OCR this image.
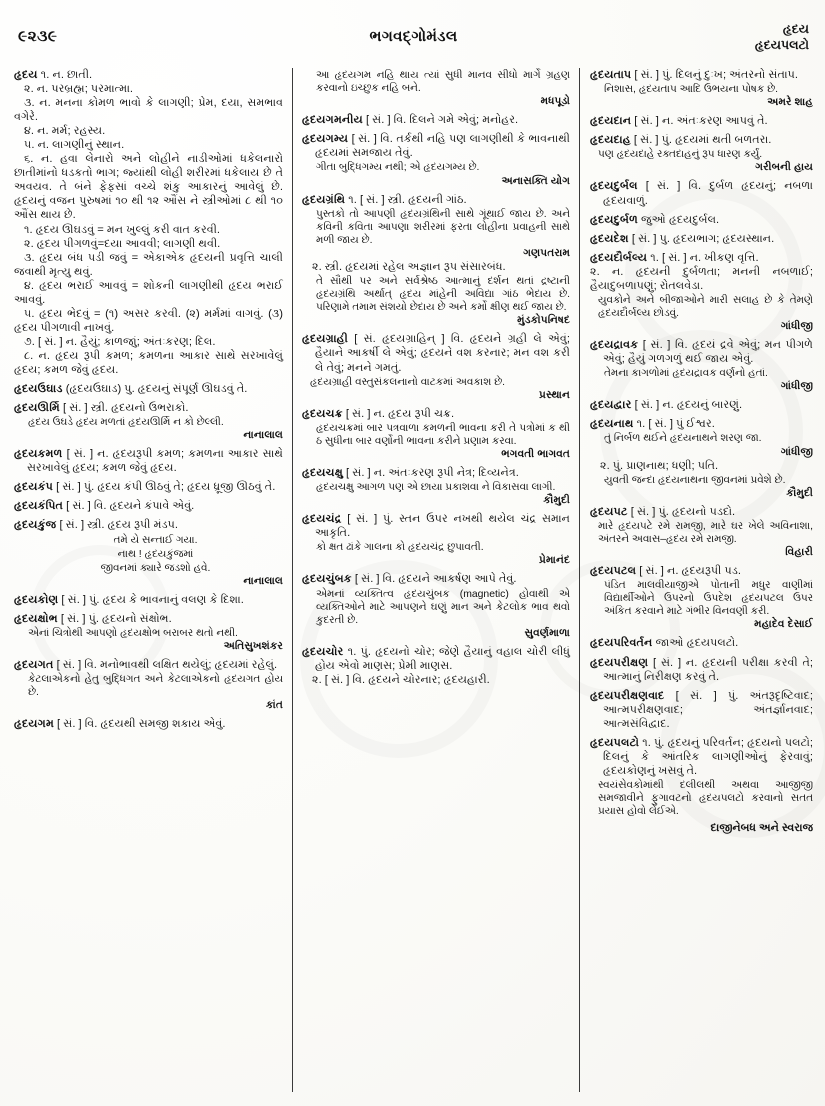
૯૨૩૯	ભગવદ્ગોમંડલ	હૃદય
હૃદયપલટો

હૃદય ૧. ન. છાતી.

૨. ન. પરબ્રહ્મ; પરમાત્મા.

૩. ન. મનના કોમળ ભાવો કે લાગણી; પ્રેમ, દયા, સમભાવ વગેરે.

૪. ન. મર્મ; રહસ્ય.

૫. ન. લાગણીનું સ્થાન.

૬. ન. હવા લેનારો અને લોહીને નાડીઓમાં ધકેલનારો છાતીમાંનો ધડકતો ભાગ; જ્યાંથી લોહી શરીરમાં ધકેલાય છે તે અવયવ. તે બંને ફેફસાં વચ્ચે શંકુ આકારનું આવેલું છે. હૃદયનું વજન પુરુષમાં ૧૦ થી ૧૨ ઔંસ ને સ્ત્રીઓમાં ૮ થી ૧૦ ઔંસ થાય છે.

૧. હૃદય ઊઘડવું = મન ખુલ્લું કરી વાત કરવી.

૨. હૃદય પીગળવું=દયા આવવી; લાગણી થવી.

૩. હૃદય બંધ પડી જવું = એકાએક હૃદયની પ્રવૃત્તિ ચાલી જવાથી મૃત્યુ થવું.

૪. હૃદય ભરાઈ આવવું = શોકની લાગણીથી હૃદય ભરાઈ આવવું.

૫. હૃદય ભેદવું = (૧) અસર કરવી. (૨) મર્મમાં વાગવું. (૩) હૃદય પીગળાવી નાખવું.

૭. [ સં. ] ન. હૈયું; કાળજાું; અંતઃકરણ; દિલ.

૮. ન. હૃદય રૂપી કમળ; કમળના આકાર સાથે સરખાવેલું હૃદય; કમળ જેવું હૃદય.

હૃદયઉઘાડ (હૃદયઉઘાડ) પુ. હૃદયનું સંપૂર્ણ ઊઘડવું તે.

હૃદયઊર્મિ [ સં. ] સ્ત્રી. હૃદયનો ઉભરાકો.

હૃદય ઉઘડે હૃદય મળતાં હૃદયઊર્મિ ન કો છેલ્લી.

નાનાલાલ

હૃદયકમળ [ સં. ] ન. હૃદયરૂપી કમળ; કમળના આકાર સાથે સરખાવેલું હૃદય; કમળ જેવું હૃદય.

હૃદયકંપ [ સં. ] પું. હૃદય કંપી ઊઠવું તે; હૃદય ધ્રૂજી ઊઠવું તે.

હૃદયકંપિત [ સં. ] વિ. હૃદયને કંપાવે એવું.

હૃદયકુંજ [ સં. ] સ્ત્રી. હૃદય રૂપી મંડપ.

તમે યે સન્તાઈ ગયા.

નાથ ! હૃદયકુંજમાં

જીવનમાં ક્યારે જડશો હવે.

નાનાલાલ

હૃદયકોણ [ સં. ] પું. હૃદય કે ભાવનાનું વલણ કે દિશા.

હૃદયક્ષોભ [ સં. ] પું. હૃદયનો સંક્ષોભ.

એનાં ચિત્રોથી આપણો હૃદયક્ષોભ બરાબર થતો નથી.

અતિસુખશંકર

હૃદયગત [ સં. ] વિ. મનોભાવથી લક્ષિત થયેલું; હૃદયમાં રહેલું.

કેટલાએકનો હેતુ બુદ્ધિગત અને કેટલાએકનો હૃદયગત હોય છે.

કાંત

હૃદયગમ [ સં. ] વિ. હૃદયથી સમજી શકાય એવું.

આ હૃદયગમ નહિ થાય ત્યાં સુધી માનવ સીધો માર્ગે ગ્રહણ કરવાનો ઇચ્છુક નહિ બને.

મધપૂડો

હૃદયગમનીય [ સં. ] વિ. દિલને ગમે એવું; મનોહર.

હૃદયગમ્ય [ સં. ] વિ. તર્કથી નહિ પણ લાગણીથી કે ભાવનાથી હૃદયમાં સમજાય તેવું.

ગીતા બુદ્ધિગમ્ય નથી; એ હૃદયગમ્ય છે.

અનાસક્તિ યોગ

હૃદયગ્રંથિ ૧. [ સં. ] સ્ત્રી. હૃદયની ગાંઠ.

પુસ્તકો તો આપણી હૃદયગ્રંથિની સાથે ગૂંથાઈ જાય છે. અને કવિની કવિતા આપણા શરીરમાં ફરતા લોહીના પ્રવાહની સાથે મળી જાય છે.

ગણપતરામ

૨. સ્ત્રી. હૃદયમાં રહેલ અજ્ઞાન રૂપ સંસારબંધ.

તે સૌથી પર અને સર્વશ્રેષ્ઠ આત્માનું દર્શન થતાં દ્રષ્ટાની હૃદયગ્રંથિ અર્થાત્ હૃદય માંહેની અવિદ્યા ગાંઠ ભેદાય છે. પરિણામે તમામ સંશયો છેદાય છે અને કર્મો ક્ષીણ થઈ જાય છે.

મુંડકોપનિષદ

હૃદયગ્રાહી [ સં. હૃદયગ્રાહિન્ ] વિ. હૃદયને ગ્રહી લે એવું; હૈયાને આકર્ષી લે એવું; હૃદયને વશ કરનાર; મન વશ કરી લે તેવું; મનને ગમતું.

હૃદયગ્રાહી વસ્તુસંકલનાનો વાટકમાં અવકાશ છે.

પ્રસ્થાન

હૃદયચક્ર [ સં. ] ન. હૃદય રૂપી ચક્ર.

હૃદયચક્રમાં બાર પત્રવાળા કમળની ભાવના કરી તે પત્રોમાં ક થી ઠ સુધીના બાર વર્ણોની ભાવના કરીને પ્રણામ કરવા.

ભગવતી ભાગવત

હૃદયચક્ષુ [ સં. ] ન. અંતઃકરણ રૂપી નેત્ર; દિવ્યનેત્ર.

હૃદયચક્ષુ આગળ પણ એ છાયા પ્રકાશવા ને વિકાસવા લાગી.

કૌમુદી

હૃદયચંદ્ર [ સં. ] પું. સ્તન ઉપર નખથી થયેલ ચંદ્ર સમાન આકૃતિ.

કો ક્ષત ઢાંકે ગાલના કો હૃદયચંદ્ર છુપાવતી.

પ્રેમાનંદ

હૃદયચુંબક [ સં. ] વિ. હૃદયને આકર્ષણ આપે તેવું.

એમનાં વ્યક્તિત્વ હૃદયચુંબક (magnetic) હોવાથી એ વ્યક્તિઓને માટે આપણને ઘણું માન અને કેટલોક ભાવ થવો કુદરતી છે.

સુવર્ણમાળા

હૃદયચોર ૧. પું. હૃદયનો ચોર; જેણે હૈયાનું વહાલ ચોરી લીધું હોય એવો માણસ; પ્રેમી માણસ.

૨. [ સં. ] વિ. હૃદયને ચોરનાર; હૃદયહારી.

હૃદયતાપ [ સં. ] પું. દિલનું દુઃખ; અંતરનો સંતાપ.

નિશાસ, હૃદયતાપ આદિ ઉભયના પોષક છે.

અમરે શાહ

હૃદયદાન [ સં. ] ન. અંતઃકરણ આપવું તે.

હૃદયદાહ [ સં. ] પું. હૃદયમાં થતી બળતરા.

પણ હૃદયદાહે રક્તદાહનું રૂપ ધારણ કર્યું.

ગરીબની હાય

હૃદયદુર્બલ [ સં. ] વિ. દુર્બળ હૃદયનું; નબળા હૃદયવાળું.

હૃદયદુર્બળ જુઓ હૃદયદુર્બલ.

હૃદયદેશ [ સં. ] પુ. હૃદયભાગ; હૃદયસ્થાન.

હૃદયદૌર્બલ્ય ૧. [ સં. ] ન. ખીકણ વૃત્તિ.

૨. ન. હૃદયની દુર્બળતા; મનની નબળાઈ; હૈયાદુબળાપણું; રોતલવેડા.

યુવકોને અને બીજાઓને મારી સલાહ છે કે તેમણે હૃદયદૌર્બલ્ય છોડવું.

ગાંધીજી

હૃદયદ્રાવક [ સં. ] વિ. હૃદયં દ્રવે એવું; મન પીગળે એવું; હૈયું ગળગળું થઈ જાય એવું.

તેમના કાગળોમાં હૃદયદ્રાવક વર્ણનો હતાં.

ગાંધીજી

હૃદયદ્વાર [ સં. ] ન. હૃદયનું બારણું.

હૃદયનાથ ૧. [ સં. ] પું ઈશ્વર.

તું નિર્બળ થઈને હૃદયનાથને શરણ જા.

ગાંધીજી

૨. પું. પ્રાણનાથ; ધણી; પતિ.

યુવતી જન્દા હૃદયનાથના જીવનમાં પ્રવેશે છે.

કૌમુદી

હૃદયપટ [ સં. ] પું. હૃદયનો પડદો.

મારે હૃદયપટે રમે રામજી, મારે ઘર ખેલે અવિનાશા, અંતરને અવાસ–હૃદય રમે રામજી.

વિહારી

હૃદયપટલ [ સં. ] ન. હૃદયરૂપી પડ.

પંડિત માલવીયાજીએ પોતાની મધુર વાણીમાં વિદ્યાર્થીઓને ઉપરનો ઉપદેશ હૃદયપટલ ઉપર અંકિત કરવાને માટે ગંભીર વિનવણી કરી.

મહાદેવ દેસાઈ

હૃદયપરિવર્તન જાઓ હૃદયપલટો.

હૃદયપરીક્ષણ [ સં. ] ન. હૃદયની પરીક્ષા કરવી તે; આત્માનું નિરીક્ષણ કરવું તે.

હૃદયપરીક્ષણવાદ [ સં. ] પું. અંતરૂદૃષ્ટિવાદ; આત્મપરીક્ષણવાદ; અંતર્જ્ઞાનવાદ; આત્મસંવિદ્વાદ.

હૃદયપલટો ૧. પું. હૃદયનું પરિવર્તન; હૃદયનો પલટો; દિલનું કે આંતરિક લાગણીઓનું ફેરવાવું; હૃદયકોણનું ખસવું તે.

સ્વયંસેવકોમાંથી દલીલથી અથવા આજીજી સમજાવીને ફુગાવટનો હૃદયપલટો કરવાનો સતત પ્રયાસ હોવો લેઈએ.

દાજીનેબધ અને સ્વરાજ
